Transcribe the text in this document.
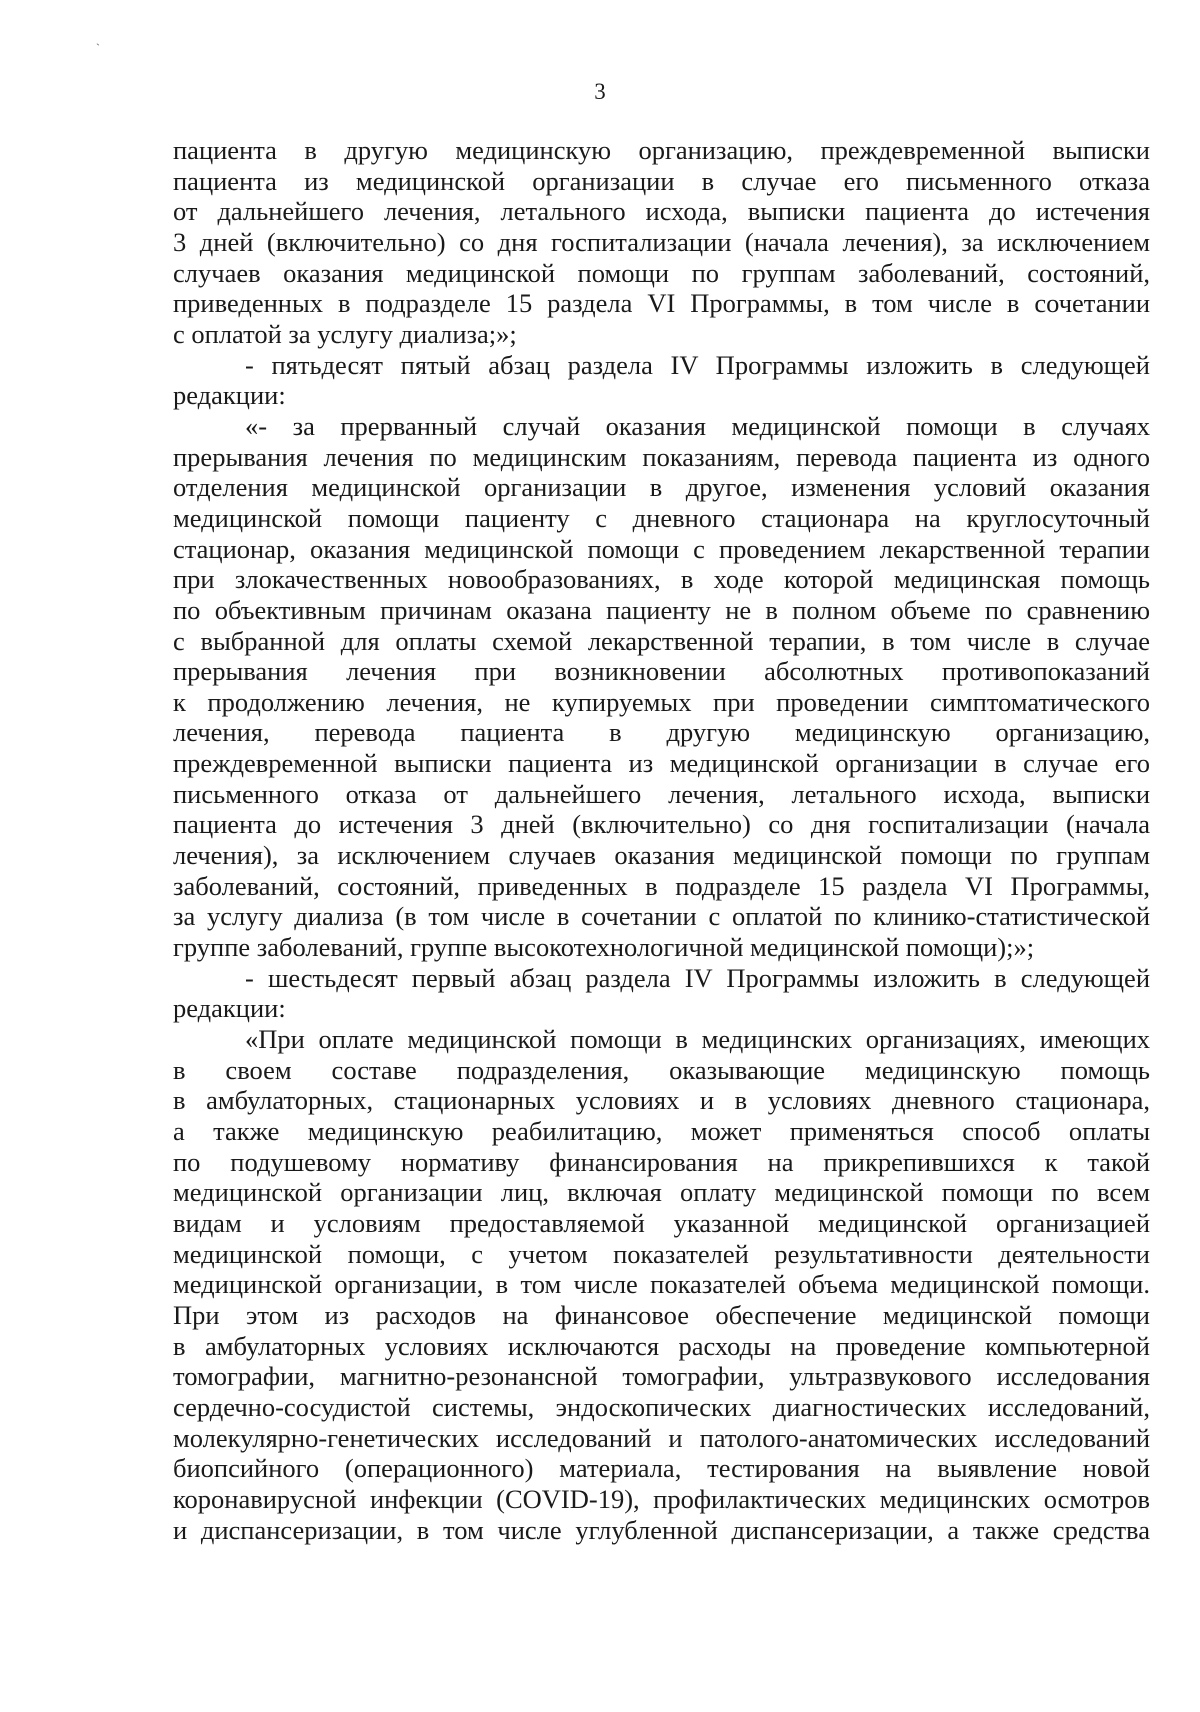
ˎ
3
пациента в другую медицинскую организацию, преждевременной выписки
пациента из медицинской организации в случае его письменного отказа
от дальнейшего лечения, летального исхода, выписки пациента до истечения
3 дней (включительно) со дня госпитализации (начала лечения), за исключением
случаев оказания медицинской помощи по группам заболеваний, состояний,
приведенных в подразделе 15 раздела VI Программы, в том числе в сочетании
с оплатой за услугу диализа;»;
- пятьдесят пятый абзац раздела IV Программы изложить в следующей
редакции:
«- за прерванный случай оказания медицинской помощи в случаях
прерывания лечения по медицинским показаниям, перевода пациента из одного
отделения медицинской организации в другое, изменения условий оказания
медицинской помощи пациенту с дневного стационара на круглосуточный
стационар, оказания медицинской помощи с проведением лекарственной терапии
при злокачественных новообразованиях, в ходе которой медицинская помощь
по объективным причинам оказана пациенту не в полном объеме по сравнению
с выбранной для оплаты схемой лекарственной терапии, в том числе в случае
прерывания лечения при возникновении абсолютных противопоказаний
к продолжению лечения, не купируемых при проведении симптоматического
лечения, перевода пациента в другую медицинскую организацию,
преждевременной выписки пациента из медицинской организации в случае его
письменного отказа от дальнейшего лечения, летального исхода, выписки
пациента до истечения 3 дней (включительно) со дня госпитализации (начала
лечения), за исключением случаев оказания медицинской помощи по группам
заболеваний, состояний, приведенных в подразделе 15 раздела VI Программы,
за услугу диализа (в том числе в сочетании с оплатой по клинико-статистической
группе заболеваний, группе высокотехнологичной медицинской помощи);»;
- шестьдесят первый абзац раздела IV Программы изложить в следующей
редакции:
«При оплате медицинской помощи в медицинских организациях, имеющих
в своем составе подразделения, оказывающие медицинскую помощь
в амбулаторных, стационарных условиях и в условиях дневного стационара,
а также медицинскую реабилитацию, может применяться способ оплаты
по подушевому нормативу финансирования на прикрепившихся к такой
медицинской организации лиц, включая оплату медицинской помощи по всем
видам и условиям предоставляемой указанной медицинской организацией
медицинской помощи, с учетом показателей результативности деятельности
медицинской организации, в том числе показателей объема медицинской помощи.
При этом из расходов на финансовое обеспечение медицинской помощи
в амбулаторных условиях исключаются расходы на проведение компьютерной
томографии, магнитно-резонансной томографии, ультразвукового исследования
сердечно-сосудистой системы, эндоскопических диагностических исследований,
молекулярно-генетических исследований и патолого-анатомических исследований
биопсийного (операционного) материала, тестирования на выявление новой
коронавирусной инфекции (COVID-19), профилактических медицинских осмотров
и диспансеризации, в том числе углубленной диспансеризации, а также средства
